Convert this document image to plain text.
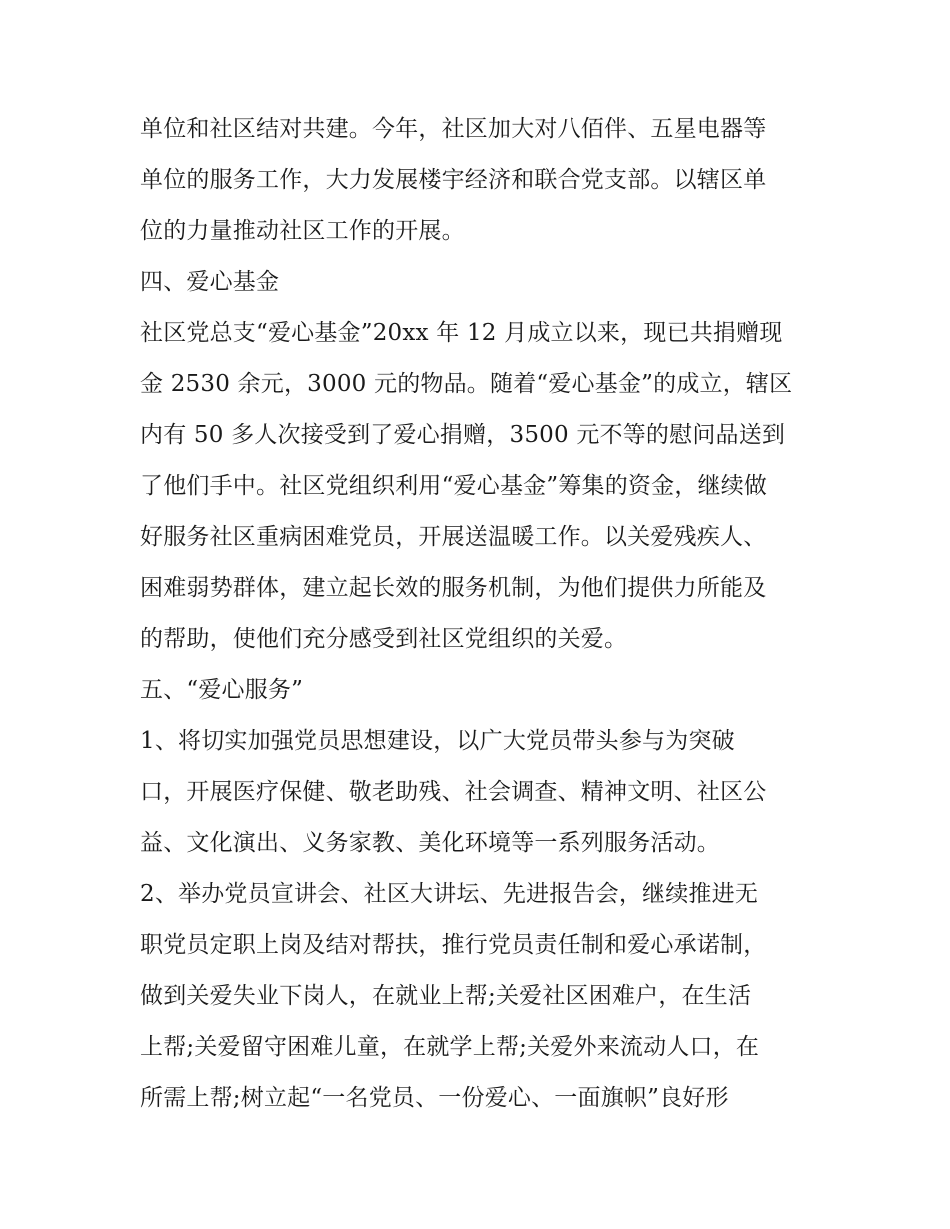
单位和社区结对共建。今年，社区加大对八佰伴、五星电器等
单位的服务工作，大力发展楼宇经济和联合党支部。以辖区单
位的力量推动社区工作的开展。
四、爱心基金
社区党总支“爱心基金”20xx 年 12 月成立以来，现已共捐赠现
金 2530 余元，3000 元的物品。随着“爱心基金”的成立，辖区
内有 50 多人次接受到了爱心捐赠，3500 元不等的慰问品送到
了他们手中。社区党组织利用“爱心基金”筹集的资金，继续做
好服务社区重病困难党员，开展送温暖工作。以关爱残疾人、
困难弱势群体，建立起长效的服务机制，为他们提供力所能及
的帮助，使他们充分感受到社区党组织的关爱。
五、“爱心服务”
1、将切实加强党员思想建设，以广大党员带头参与为突破
口，开展医疗保健、敬老助残、社会调查、精神文明、社区公
益、文化演出、义务家教、美化环境等一系列服务活动。
2、举办党员宣讲会、社区大讲坛、先进报告会，继续推进无
职党员定职上岗及结对帮扶，推行党员责任制和爱心承诺制，
做到关爱失业下岗人，在就业上帮;关爱社区困难户，在生活
上帮;关爱留守困难儿童，在就学上帮;关爱外来流动人口，在
所需上帮;树立起“一名党员、一份爱心、一面旗帜”良好形
